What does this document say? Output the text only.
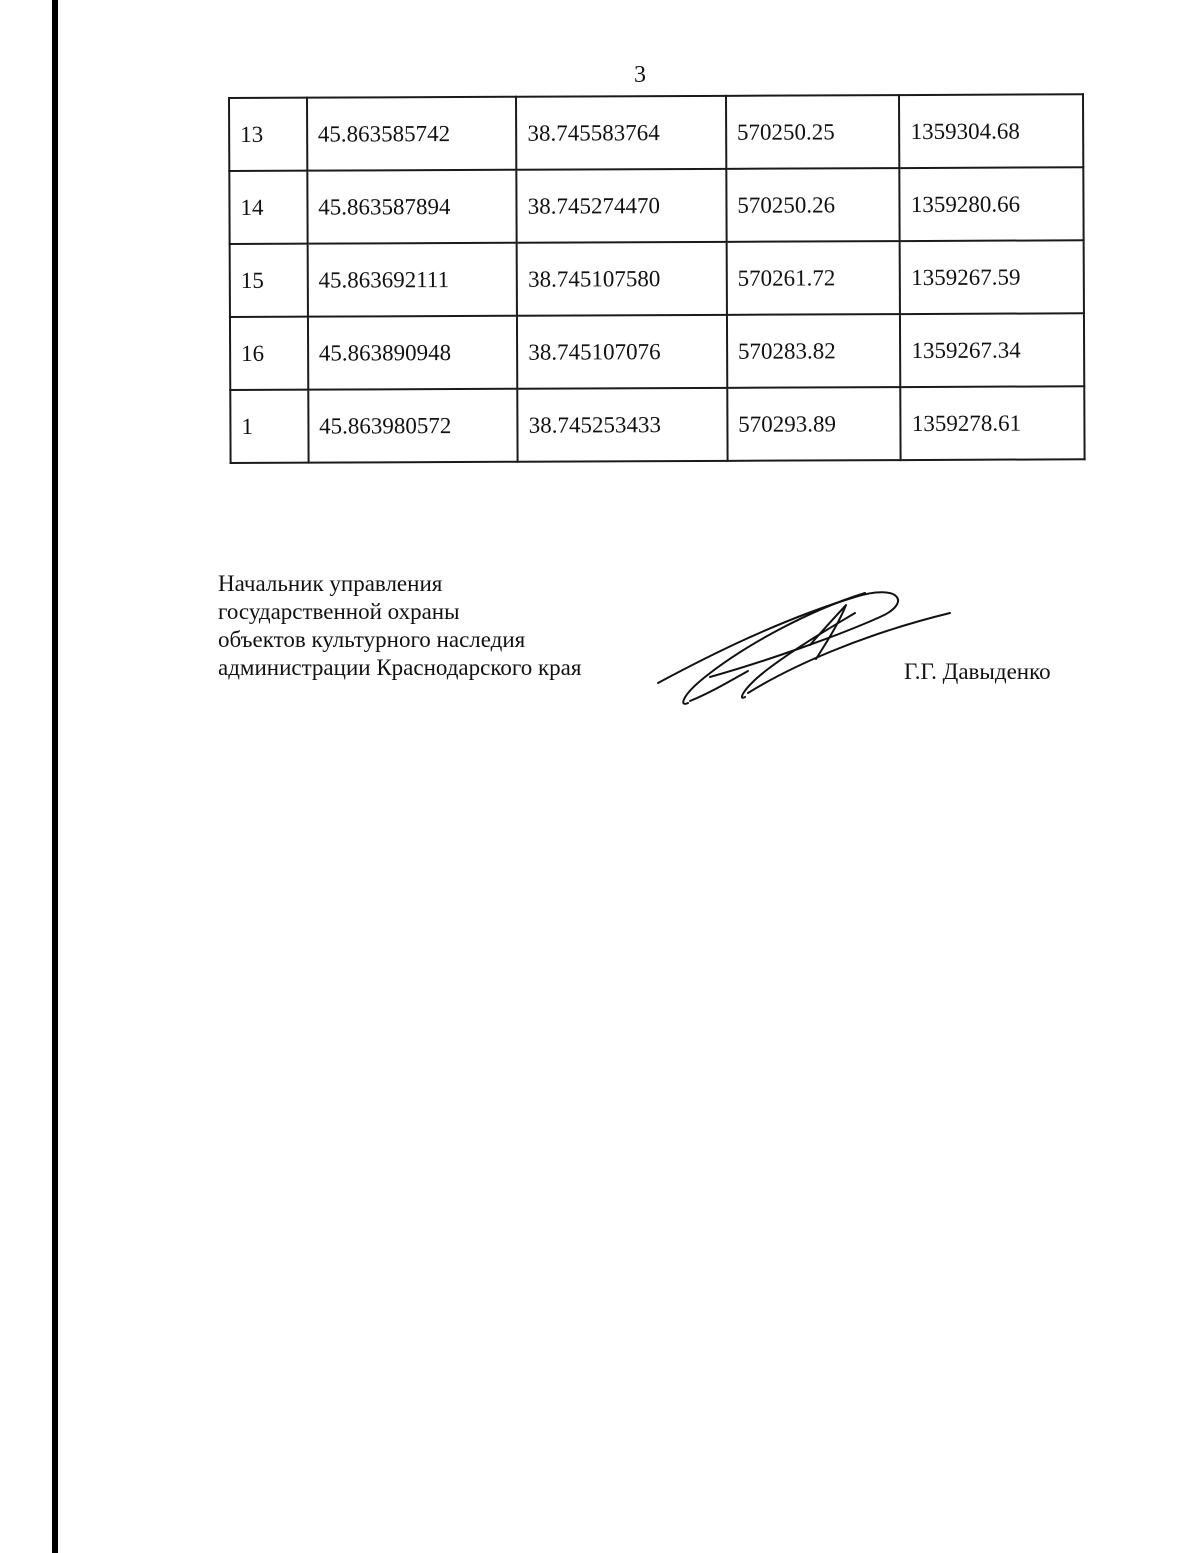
3
13	45.863585742	38.745583764	570250.25	1359304.68
14	45.863587894	38.745274470	570250.26	1359280.66
15	45.863692111	38.745107580	570261.72	1359267.59
16	45.863890948	38.745107076	570283.82	1359267.34
1	45.863980572	38.745253433	570293.89	1359278.61
Начальник управления
государственной охраны
объектов культурного наследия
администрации Краснодарского края	Г.Г. Давыденко
